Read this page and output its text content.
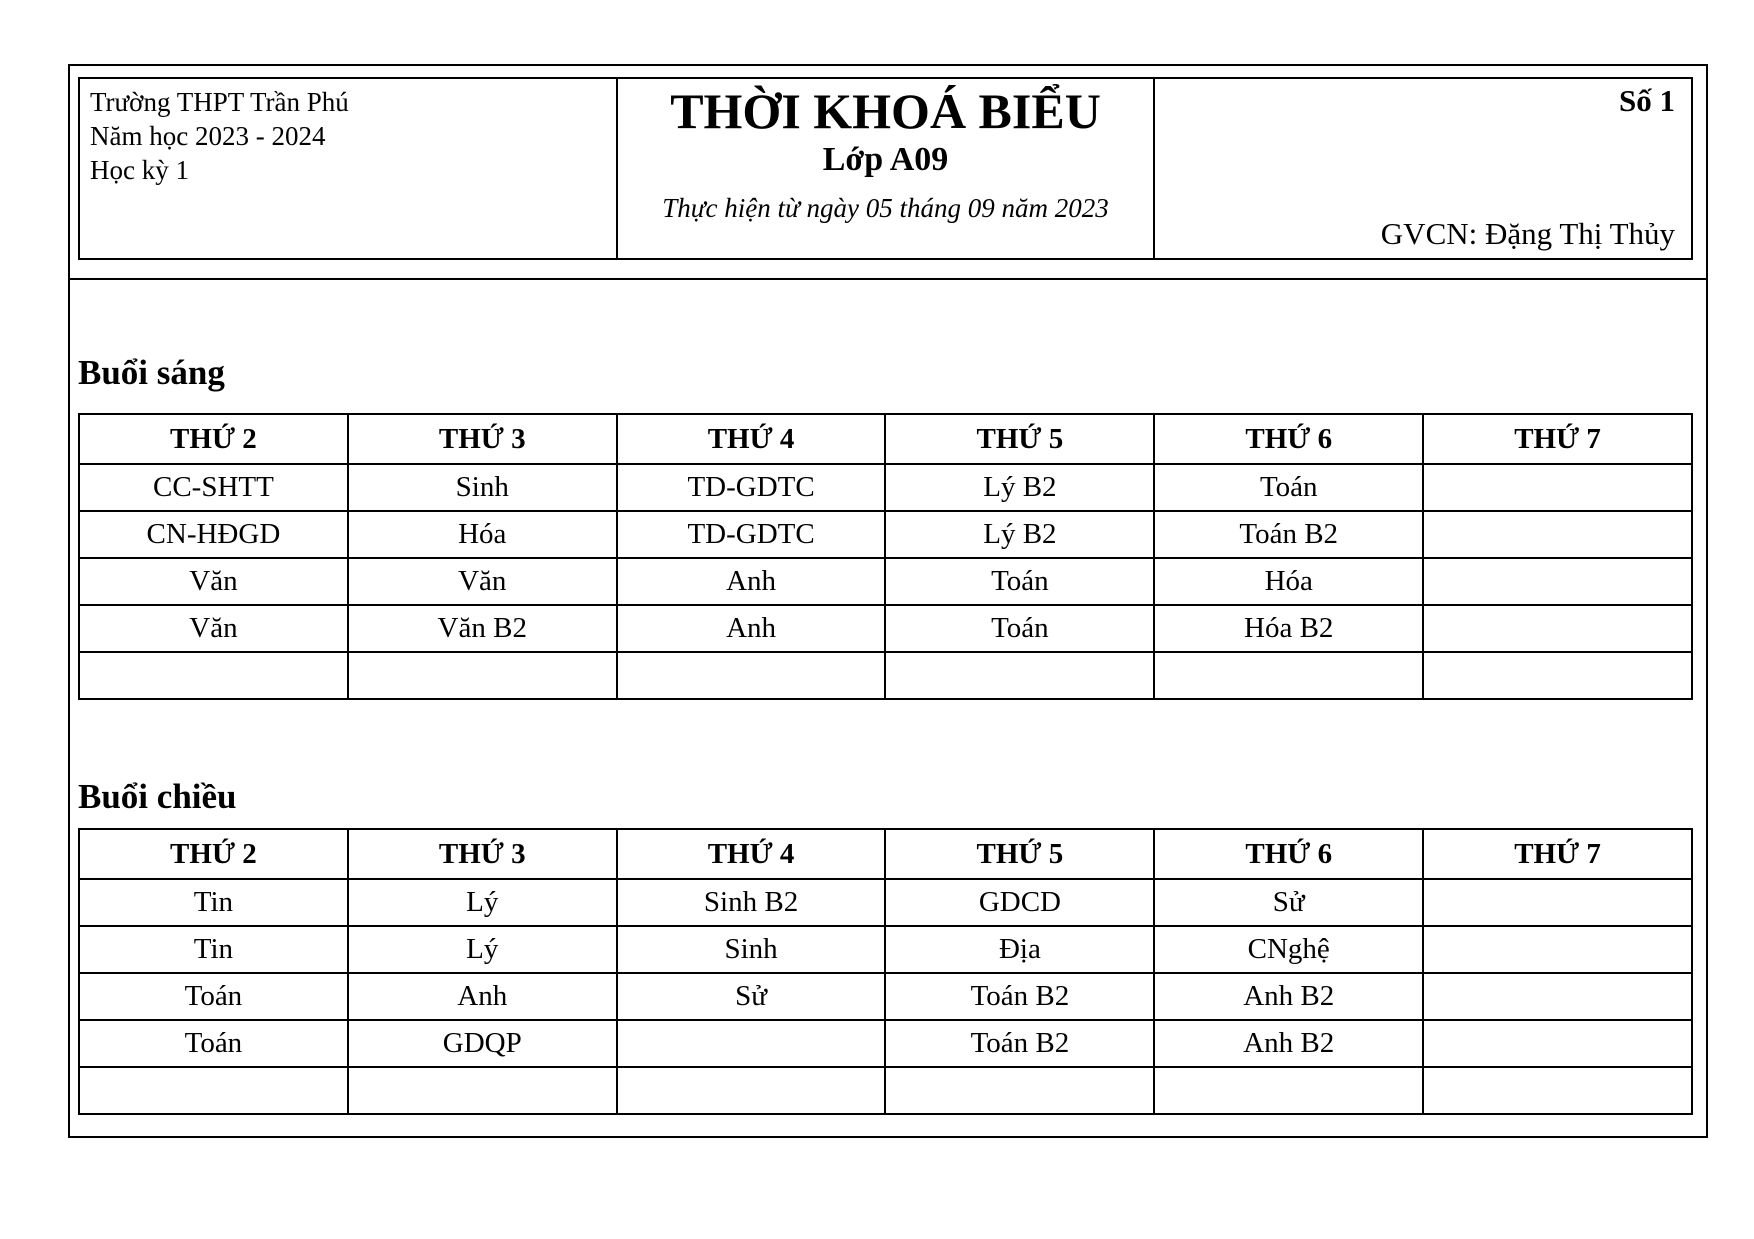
Trường THPT Trần Phú
Năm học 2023 - 2024
Học kỳ 1
THỜI KHOÁ BIỂU
Lớp A09
Thực hiện từ ngày 05 tháng 09 năm 2023
Số 1
GVCN: Đặng Thị Thủy
Buổi sáng
THỨ 2	THỨ 3	THỨ 4	THỨ 5	THỨ 6	THỨ 7
CC-SHTT	Sinh	TD-GDTC	Lý B2	Toán	
CN-HĐGD	Hóa	TD-GDTC	Lý B2	Toán B2	
Văn	Văn	Anh	Toán	Hóa	
Văn	Văn B2	Anh	Toán	Hóa B2	

Buổi chiều
THỨ 2	THỨ 3	THỨ 4	THỨ 5	THỨ 6	THỨ 7
Tin	Lý	Sinh B2	GDCD	Sử	
Tin	Lý	Sinh	Địa	CNghệ	
Toán	Anh	Sử	Toán B2	Anh B2	
Toán	GDQP		Toán B2	Anh B2	
